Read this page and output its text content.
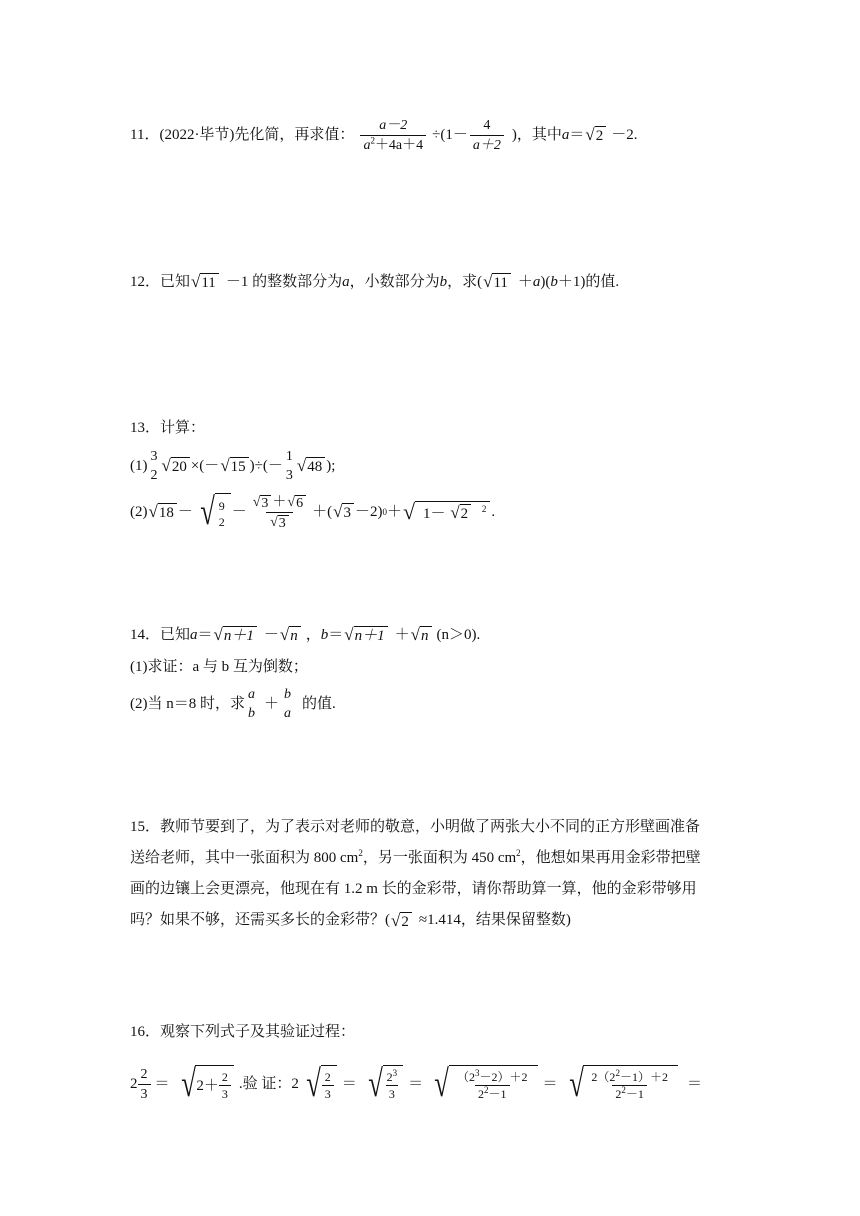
11．(2022·毕节)先化简，再求值： $\frac{a-2}{a^2+4a+4} \div(1- \frac{4}{a+2}$ )，其中 a ＝ √ 2 －2.
12．已知 √ 11 －1 的整数部分为 a ，小数部分为 b ，求( √ 11 ＋ a )( b ＋1)的值.
13．计算：
(1)
3
2
√ 20 ×(－ √ 15 )÷(－
1
3
√ 48 );
(2) √ 18 － √ 9
2
－ $\frac{√ 3 + √ 6}{√ 3}$ ＋( √ 3 －2) 0 ＋ √ 1－ √ 2	$^2$ .
14．已知 a ＝ √ n＋1 － √ n ， b ＝ √ n＋1 ＋ √ n (n＞0).
(1)求证：a 与 b 互为倒数；
(2)当 n＝8 时，求
a
b
＋
b
a
的值.
15．教师节要到了，为了表示对老师的敬意，小明做了两张大小不同的正方形壁画准备
送给老师，其中一张面积为 800 $cm^2$，另一张面积为 450 $cm^2$，他想如果再用金彩带把壁
画的边镶上会更漂亮，他现在有 1.2 m 长的金彩带，请你帮助算一算，他的金彩带够用
吗？如果不够，还需买多长的金彩带？( √ 2 ≈1.414，结果保留整数)
16．观察下列式子及其验证过程：
$2 \frac{2}{3}$ ＝ √ $2+ \frac{2}{3}$ .验 证：2 √ $\frac{2}{3}$ ＝ √ $\frac{2^3}{3}$ ＝ √ $\frac{(2^3-2)+2}{2^2-1}$ ＝ √ $\frac{2(2^2-1)+2}{2^2-1}$ ＝
